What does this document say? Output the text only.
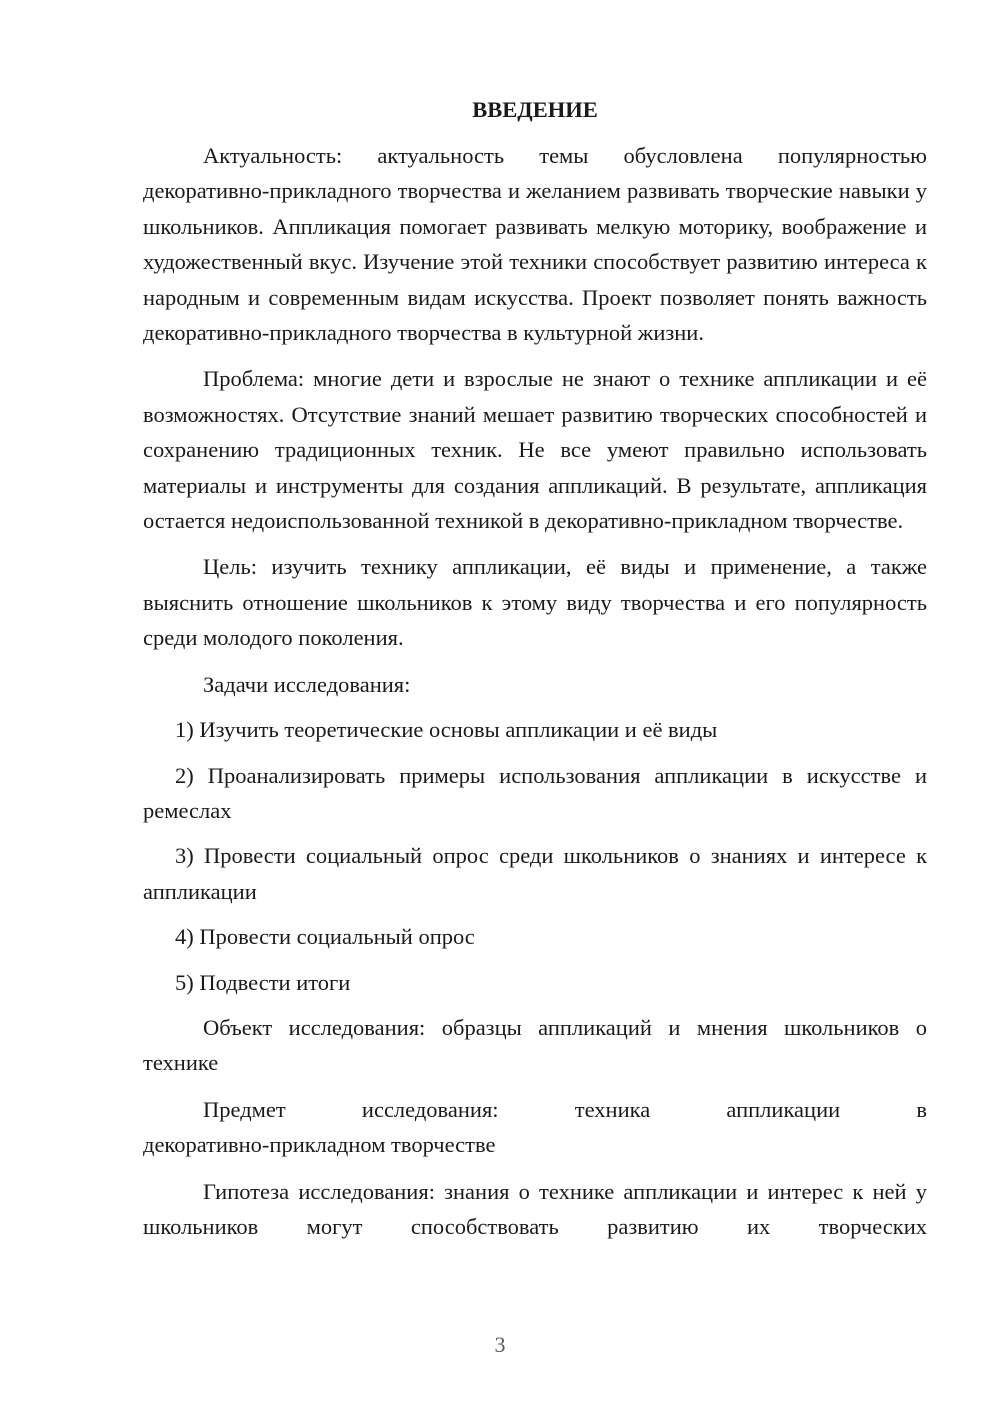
ВВЕДЕНИЕ

Актуальность: актуальность темы обусловлена популярностью декоративно-прикладного творчества и желанием развивать творческие навыки у школьников. Аппликация помогает развивать мелкую моторику, воображение и художественный вкус. Изучение этой техники способствует развитию интереса к народным и современным видам искусства. Проект позволяет понять важность декоративно-прикладного творчества в культурной жизни.

Проблема: многие дети и взрослые не знают о технике аппликации и её возможностях. Отсутствие знаний мешает развитию творческих способностей и сохранению традиционных техник. Не все умеют правильно использовать материалы и инструменты для создания аппликаций. В результате, аппликация остается недоиспользованной техникой в декоративно-прикладном творчестве.

Цель: изучить технику аппликации, её виды и применение, а также выяснить отношение школьников к этому виду творчества и его популярность среди молодого поколения.

Задачи исследования:

1) Изучить теоретические основы аппликации и её виды

2) Проанализировать примеры использования аппликации в искусстве и ремеслах

3) Провести социальный опрос среди школьников о знаниях и интересе к аппликации

4) Провести социальный опрос

5) Подвести итоги

Объект исследования: образцы аппликаций и мнения школьников о технике

Предмет исследования: техника аппликации в
декоративно-прикладном творчестве

Гипотеза исследования: знания о технике аппликации и интерес к ней у школьников могут способствовать развитию их творческих

3
